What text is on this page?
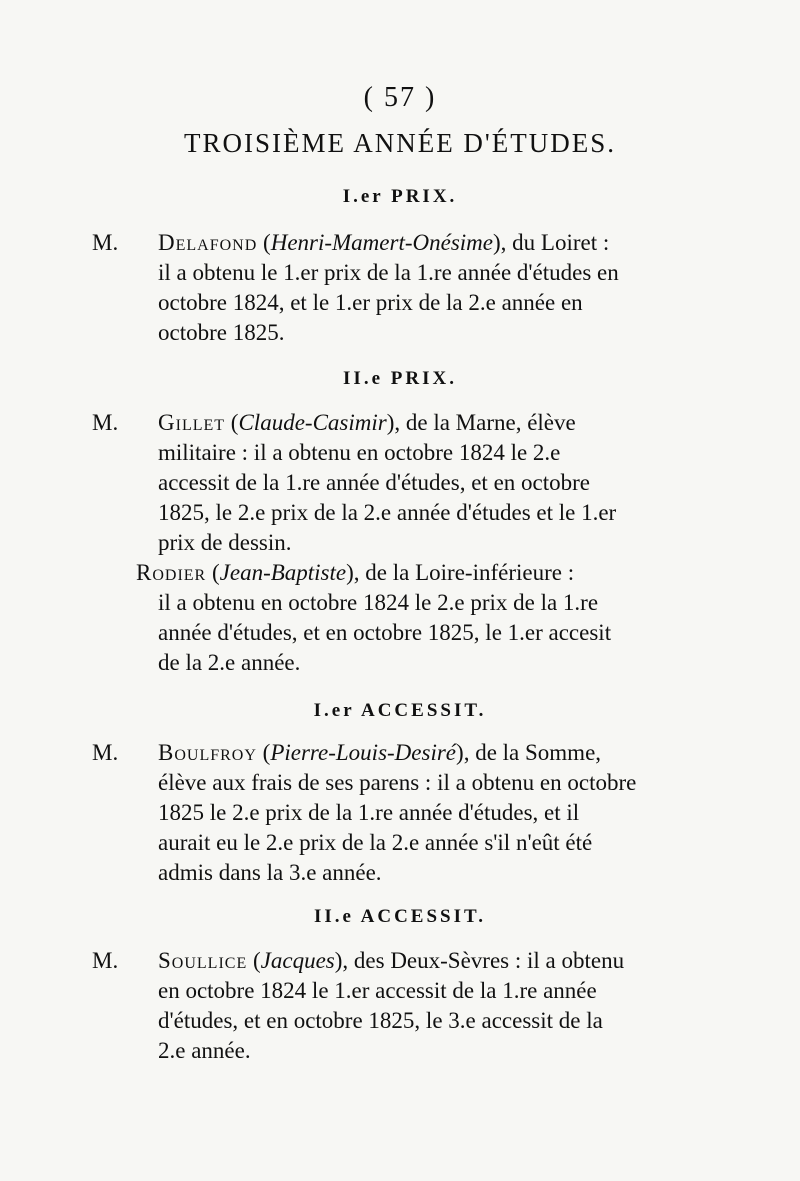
( 57 )
TROISIÈME ANNÉE D'ÉTUDES.
I.er PRIX.

M. Delafond (Henri-Mamert-Onésime), du Loiret :

il a obtenu le 1.er prix de la 1.re année d'études en

octobre 1824, et le 1.er prix de la 2.e année en

octobre 1825.

II.e PRIX.

M. Gillet (Claude-Casimir), de la Marne, élève

militaire : il a obtenu en octobre 1824 le 2.e

accessit de la 1.re année d'études, et en octobre

1825, le 2.e prix de la 2.e année d'études et le 1.er

prix de dessin.

Rodier (Jean-Baptiste), de la Loire-inférieure :

il a obtenu en octobre 1824 le 2.e prix de la 1.re

année d'études, et en octobre 1825, le 1.er accesit

de la 2.e année.

I.er ACCESSIT.

M. Boulfroy (Pierre-Louis-Desiré), de la Somme,

élève aux frais de ses parens : il a obtenu en octobre

1825 le 2.e prix de la 1.re année d'études, et il

aurait eu le 2.e prix de la 2.e année s'il n'eût été

admis dans la 3.e année.

II.e ACCESSIT.

M. Soullice (Jacques), des Deux-Sèvres : il a obtenu

en octobre 1824 le 1.er accessit de la 1.re année

d'études, et en octobre 1825, le 3.e accessit de la

2.e année.
